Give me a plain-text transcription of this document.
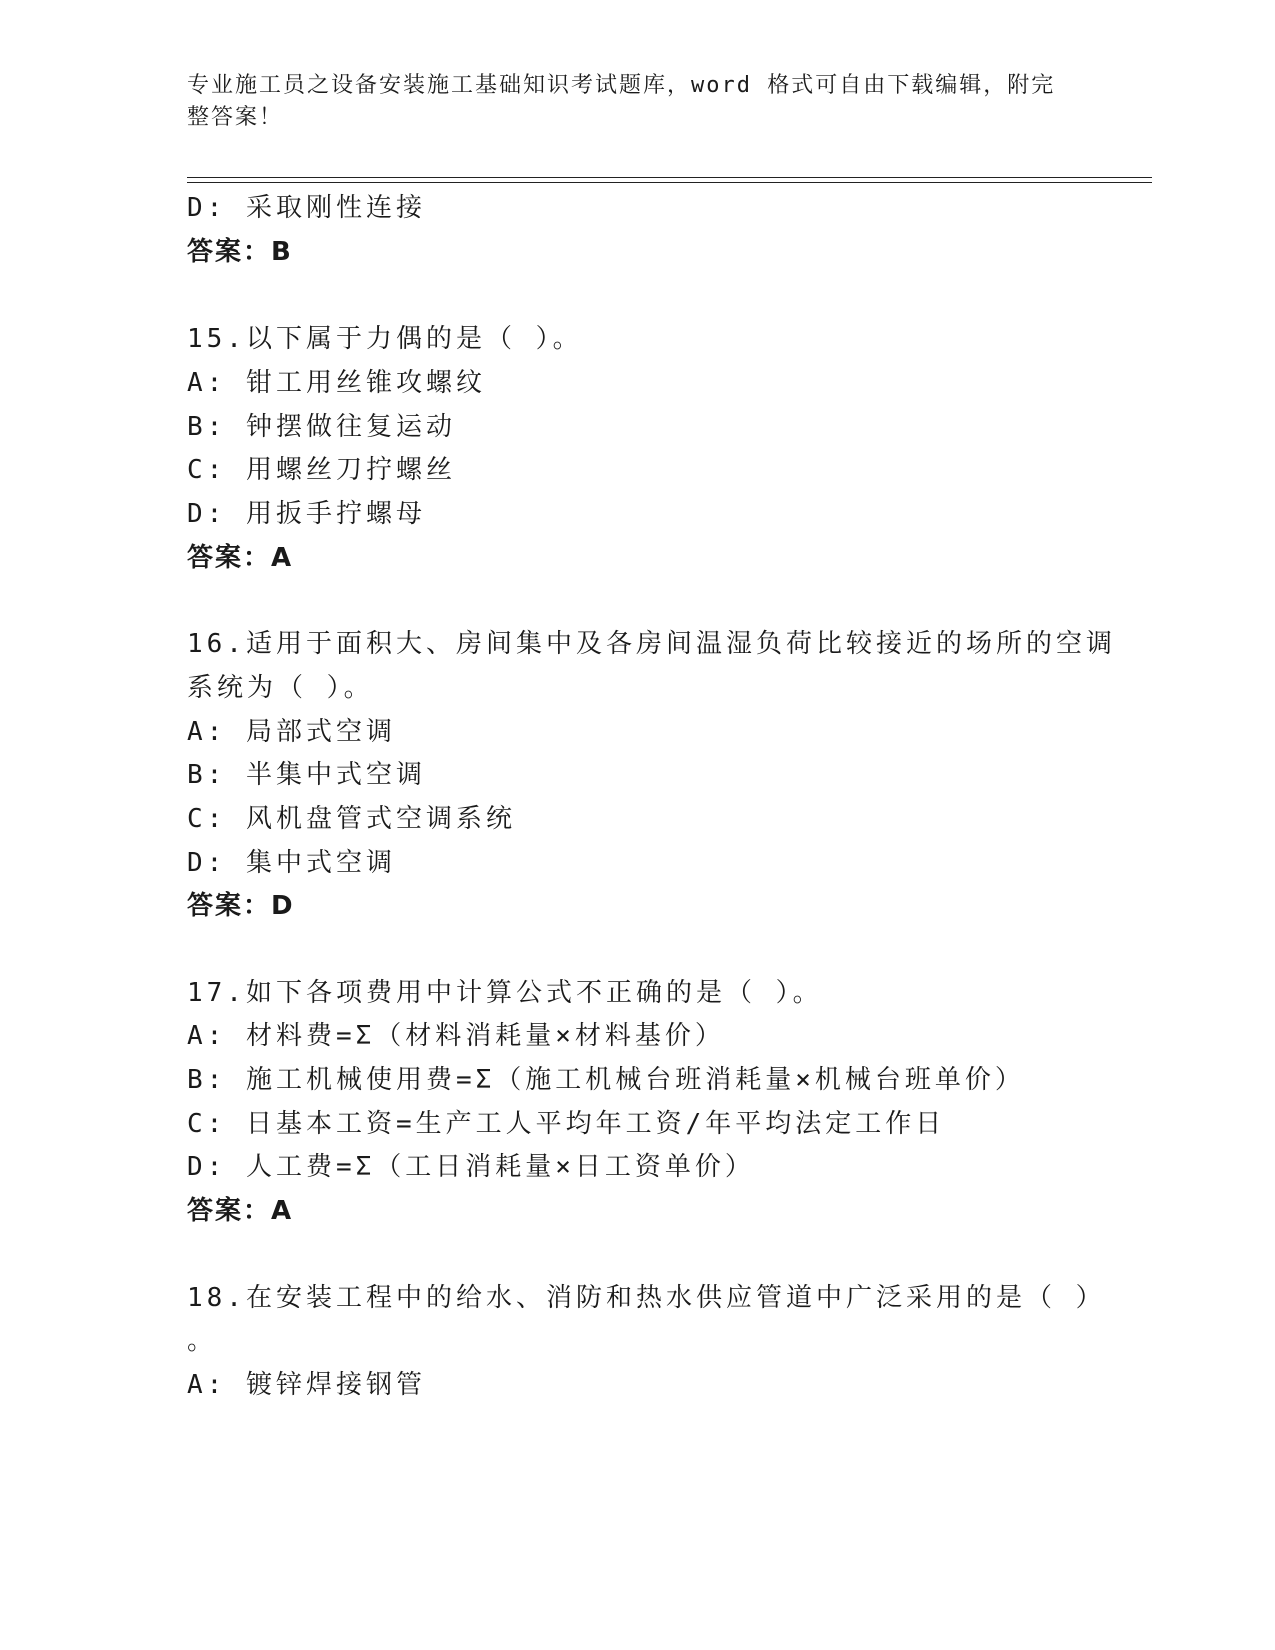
专业施工员之设备安装施工基础知识考试题库，word 格式可自由下载编辑，附完
整答案！
D: 采取刚性连接
答案：B
15.以下属于力偶的是（ ）。
A: 钳工用丝锥攻螺纹
B: 钟摆做往复运动
C: 用螺丝刀拧螺丝
D: 用扳手拧螺母
答案：A
16.适用于面积大、房间集中及各房间温湿负荷比较接近的场所的空调
系统为（ ）。
A: 局部式空调
B: 半集中式空调
C: 风机盘管式空调系统
D: 集中式空调
答案：D
17.如下各项费用中计算公式不正确的是（ ）。
A: 材料费=Σ（材料消耗量×材料基价）
B: 施工机械使用费=Σ（施工机械台班消耗量×机械台班单价）
C: 日基本工资=生产工人平均年工资/年平均法定工作日
D: 人工费=Σ（工日消耗量×日工资单价）
答案：A
18.在安装工程中的给水、消防和热水供应管道中广泛采用的是（ ）
。
A: 镀锌焊接钢管
